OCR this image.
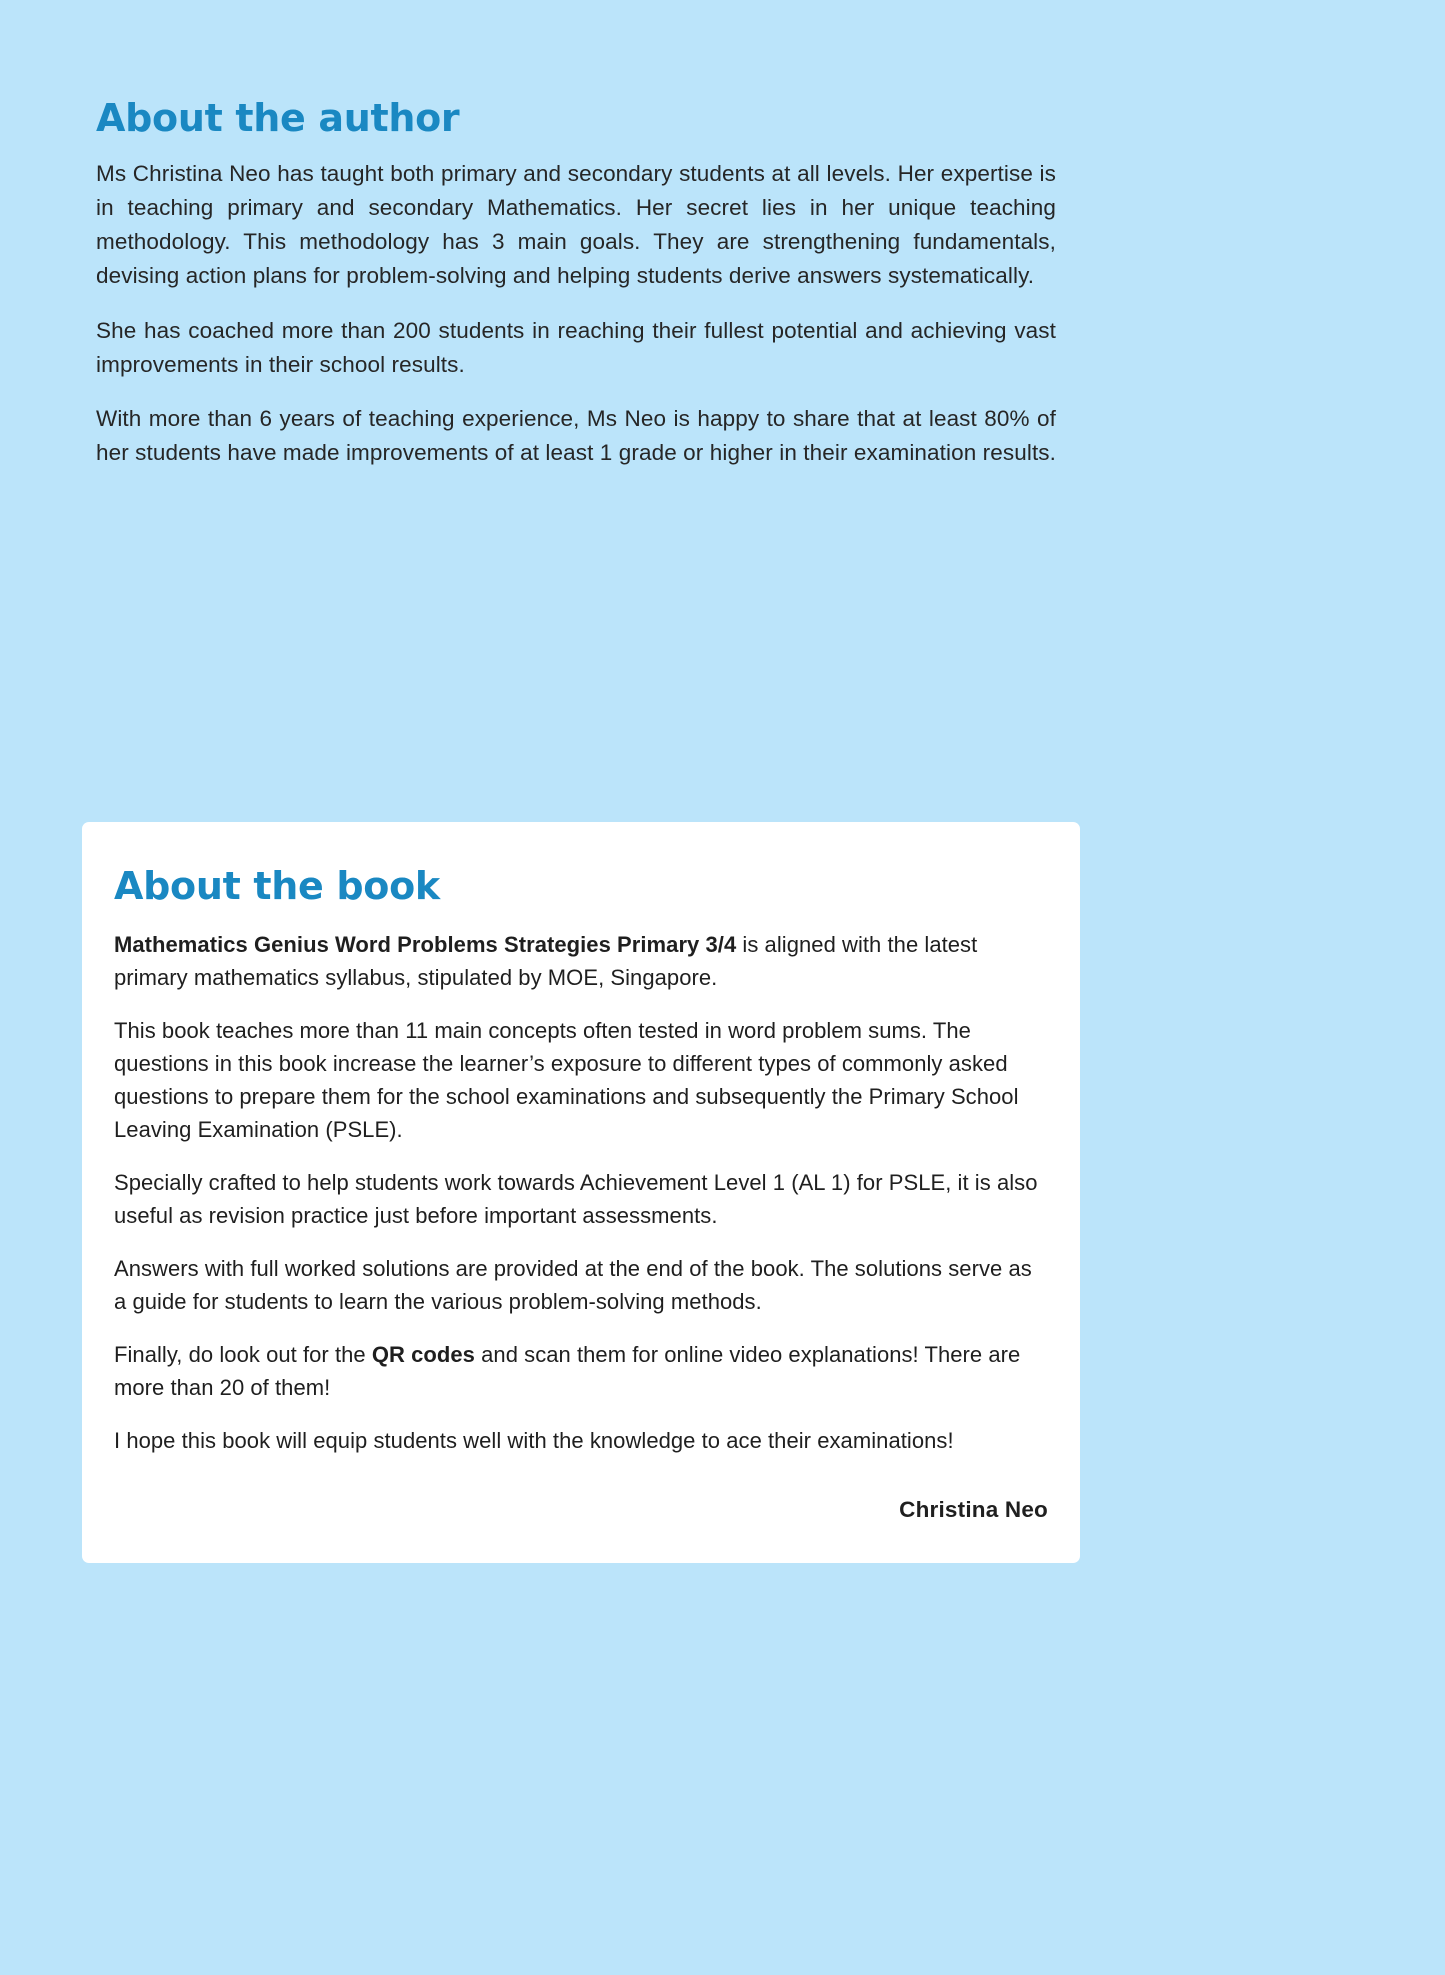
About the author

Ms Christina Neo has taught both primary and secondary students at all levels. Her expertise is in teaching primary and secondary Mathematics. Her secret lies in her unique teaching methodology. This methodology has 3 main goals. They are strengthening fundamentals, devising action plans for problem-solving and helping students derive answers systematically.

She has coached more than 200 students in reaching their fullest potential and achieving vast improvements in their school results.

With more than 6 years of teaching experience, Ms Neo is happy to share that at least 80% of her students have made improvements of at least 1 grade or higher in their examination results.

About the book

Mathematics Genius Word Problems Strategies Primary 3/4 is aligned with the latest primary mathematics syllabus, stipulated by MOE, Singapore.

This book teaches more than 11 main concepts often tested in word problem sums. The questions in this book increase the learner’s exposure to different types of commonly asked questions to prepare them for the school examinations and subsequently the Primary School Leaving Examination (PSLE).

Specially crafted to help students work towards Achievement Level 1 (AL 1) for PSLE, it is also useful as revision practice just before important assessments.

Answers with full worked solutions are provided at the end of the book. The solutions serve as a guide for students to learn the various problem-solving methods.

Finally, do look out for the QR codes and scan them for online video explanations! There are more than 20 of them!

I hope this book will equip students well with the knowledge to ace their examinations!

Christina Neo
